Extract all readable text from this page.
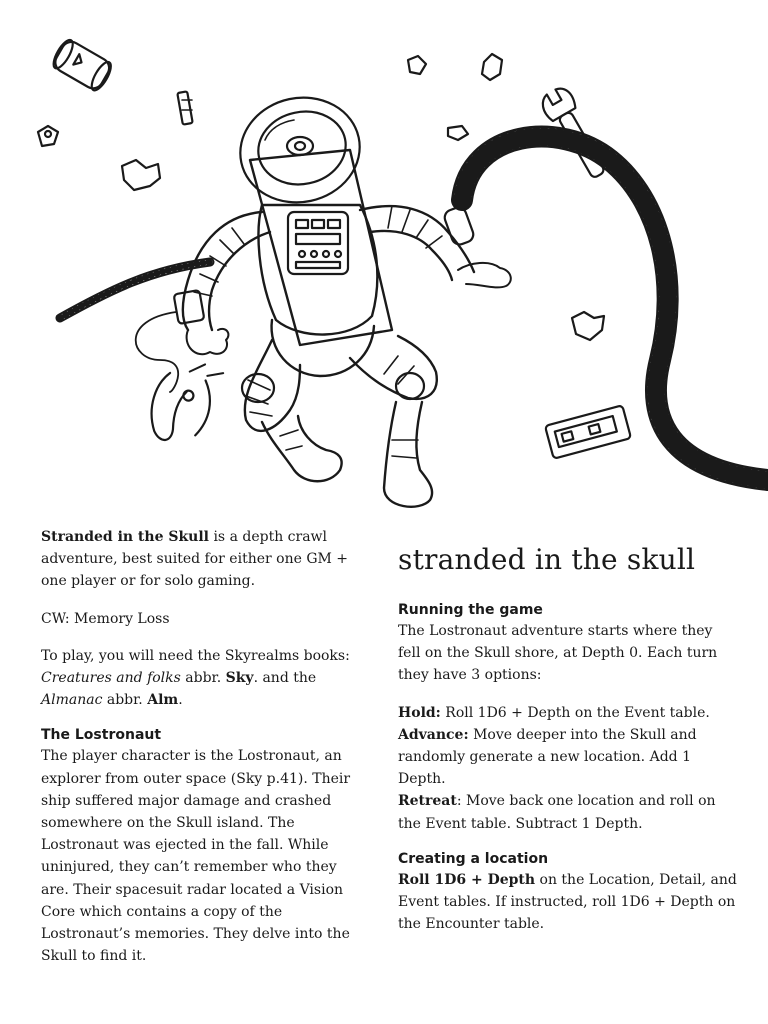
Stranded in the Skull is a depth crawl adventure, best suited for either one GM + one player or for solo gaming.

CW: Memory Loss

To play, you will need the Skyrealms books: Creatures and folks abbr. Sky. and the Almanac abbr. Alm.

The Lostronaut

The player character is the Lostronaut, an explorer from outer space (Sky p.41). Their ship suffered major damage and crashed somewhere on the Skull island. The Lostronaut was ejected in the fall. While uninjured, they can’t remember who they are. Their spacesuit radar located a Vision Core which contains a copy of the Lostronaut’s memories. They delve into the Skull to find it.

stranded in the skull
Running the game

The Lostronaut adventure starts where they fell on the Skull shore, at Depth 0. Each turn they have 3 options:

Hold: Roll 1D6 + Depth on the Event table.

Advance: Move deeper into the Skull and randomly generate a new location. Add 1 Depth.

Retreat: Move back one location and roll on the Event table. Subtract 1 Depth.

Creating a location

Roll 1D6 + Depth on the Location, Detail, and Event tables. If instructed, roll 1D6 + Depth on the Encounter table.
